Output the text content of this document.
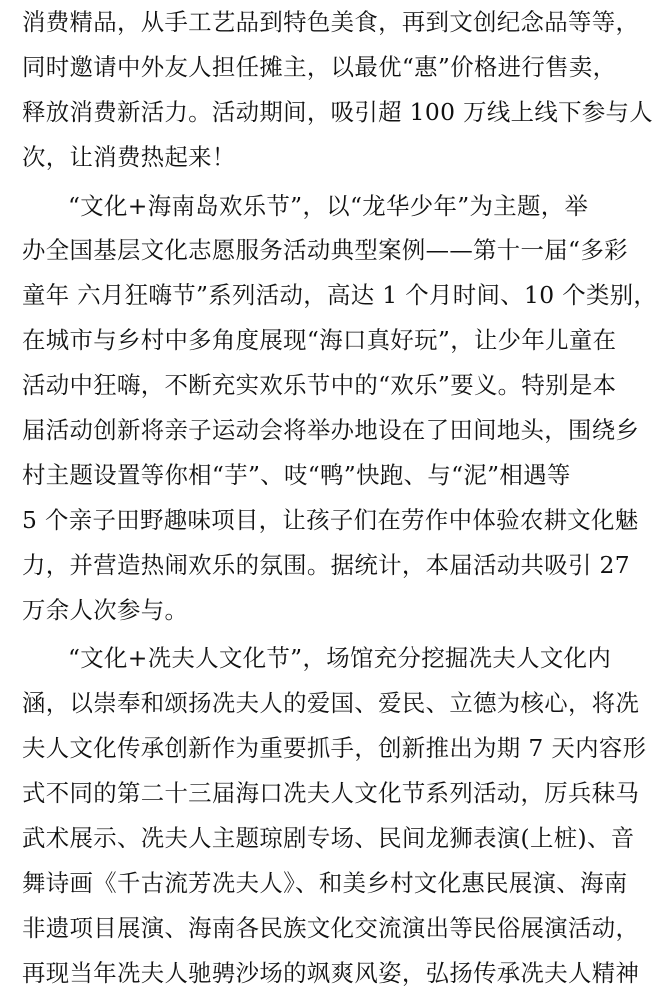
消费精品，从手工艺品到特色美食，再到文创纪念品等等，
同时邀请中外友人担任摊主，以最优“惠”价格进行售卖，
释放消费新活力。活动期间，吸引超 100 万线上线下参与人
次，让消费热起来！
“文化+海南岛欢乐节”，以“龙华少年”为主题，举
办全国基层文化志愿服务活动典型案例——第十一届“多彩
童年 六月狂嗨节”系列活动，高达 1 个月时间、10 个类别，
在城市与乡村中多角度展现“海口真好玩”，让少年儿童在
活动中狂嗨，不断充实欢乐节中的“欢乐”要义。特别是本
届活动创新将亲子运动会将举办地设在了田间地头，围绕乡
村主题设置等你相“芋”、吱“鸭”快跑、与“泥”相遇等
5 个亲子田野趣味项目，让孩子们在劳作中体验农耕文化魅
力，并营造热闹欢乐的氛围。据统计，本届活动共吸引 27
万余人次参与。
“文化+冼夫人文化节”，场馆充分挖掘冼夫人文化内
涵，以崇奉和颂扬冼夫人的爱国、爱民、立德为核心，将冼
夫人文化传承创新作为重要抓手，创新推出为期 7 天内容形
式不同的第二十三届海口冼夫人文化节系列活动，厉兵秣马
武术展示、冼夫人主题琼剧专场、民间龙狮表演(上桩)、音
舞诗画《千古流芳冼夫人》、和美乡村文化惠民展演、海南
非遗项目展演、海南各民族文化交流演出等民俗展演活动，
再现当年冼夫人驰骋沙场的飒爽风姿，弘扬传承冼夫人精神
